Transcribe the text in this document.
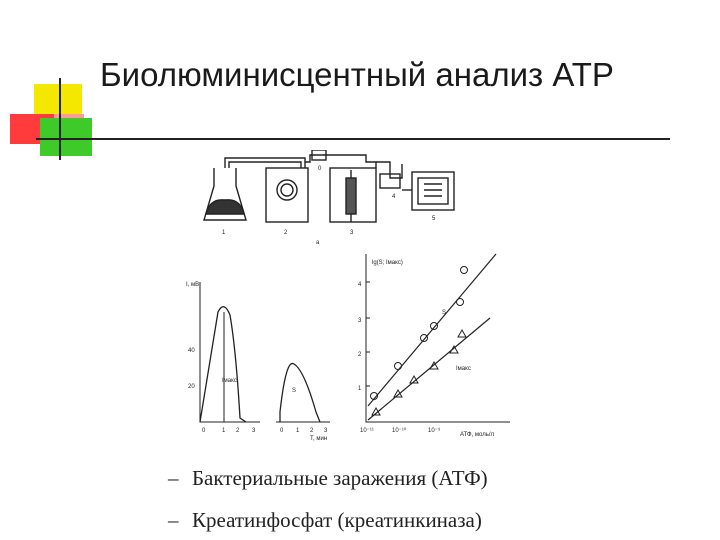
Биолюминисцентный анализ АТР
0
1	2	3
4
5
а
I, мВ
40
20
0	1 2 3	0 1 2 3
T, мин
Iмакс
S
lg(S; Iмакс)
4
3
2
1
10⁻¹¹	10⁻¹⁰	10⁻⁹
АТФ, моль/л
S
Iмакс
– Бактериальные заражения (АТФ)
– Креатинфосфат (креатинкиназа)
